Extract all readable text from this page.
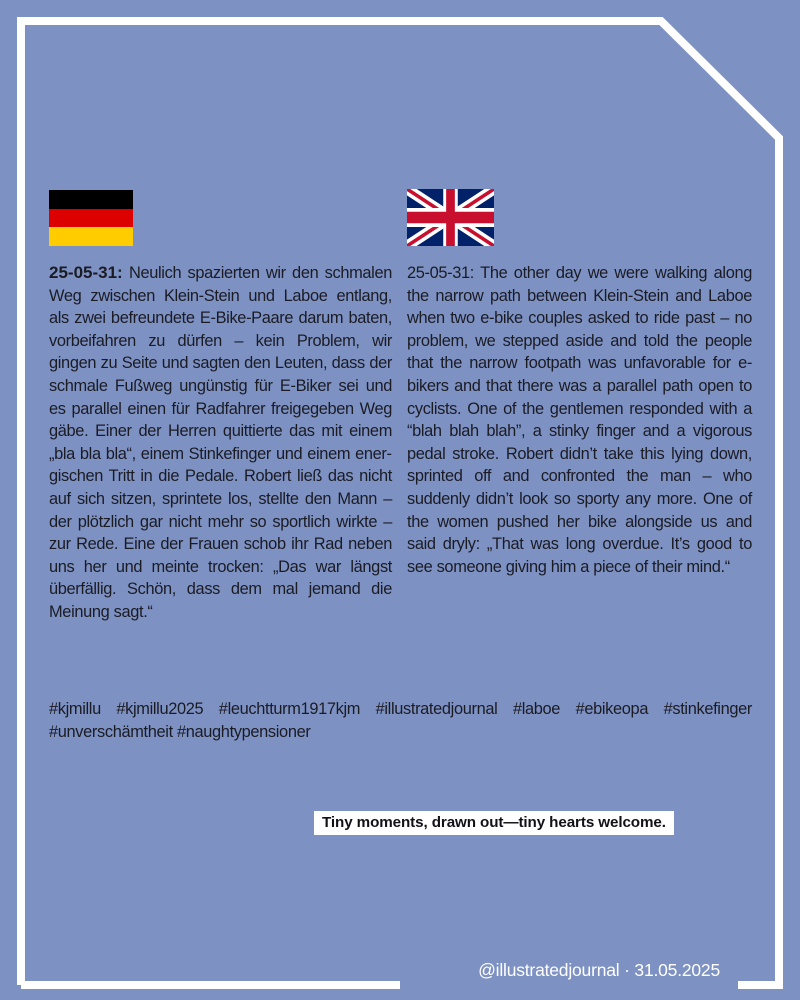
25-05-31: Neulich spazierten wir den schmalen Weg zwischen Klein-Stein und Laboe entlang, als zwei befreundete E-Bike-Paare darum baten, vorbeifahren zu dürfen – kein Problem, wir gingen zu Seite und sagten den Leuten, dass der schmale Fußweg ungünstig für E-Biker sei und es parallel einen für Radfahrer freigegeben Weg gäbe. Einer der Herren quittierte das mit einem „bla bla bla“, einem Stinkefinger und einem energischen Tritt in die Pedale. Robert ließ das nicht auf sich sitzen, sprintete los, stellte den Mann – der plötzlich gar nicht mehr so sportlich wirkte – zur Rede. Eine der Frauen schob ihr Rad neben uns her und meinte trocken: „Das war längst überfällig. Schön, dass dem mal jemand die Meinung sagt.“
25-05-31: The other day we were walking along the narrow path between Klein-Stein and Laboe when two e-bike couples asked to ride past – no problem, we stepped aside and told the people that the narrow footpath was unfavorable for e-bikers and that there was a parallel path open to cyclists. One of the gentlemen responded with a “blah blah blah”, a stinky finger and a vigorous pedal stroke. Robert didn’t take this lying down, sprinted off and confronted the man – who suddenly didn’t look so sporty any more. One of the women pushed her bike alongside us and said dryly: „That was long overdue. It’s good to see someone giving him a piece of their mind.“
#kjmillu #kjmillu2025 #leuchtturm1917kjm #illustratedjournal #laboe #ebikeopa #stinkefinger #unverschämtheit #naughtypensioner
Tiny moments, drawn out—tiny hearts welcome.
@illustratedjournal · 31.05.2025
